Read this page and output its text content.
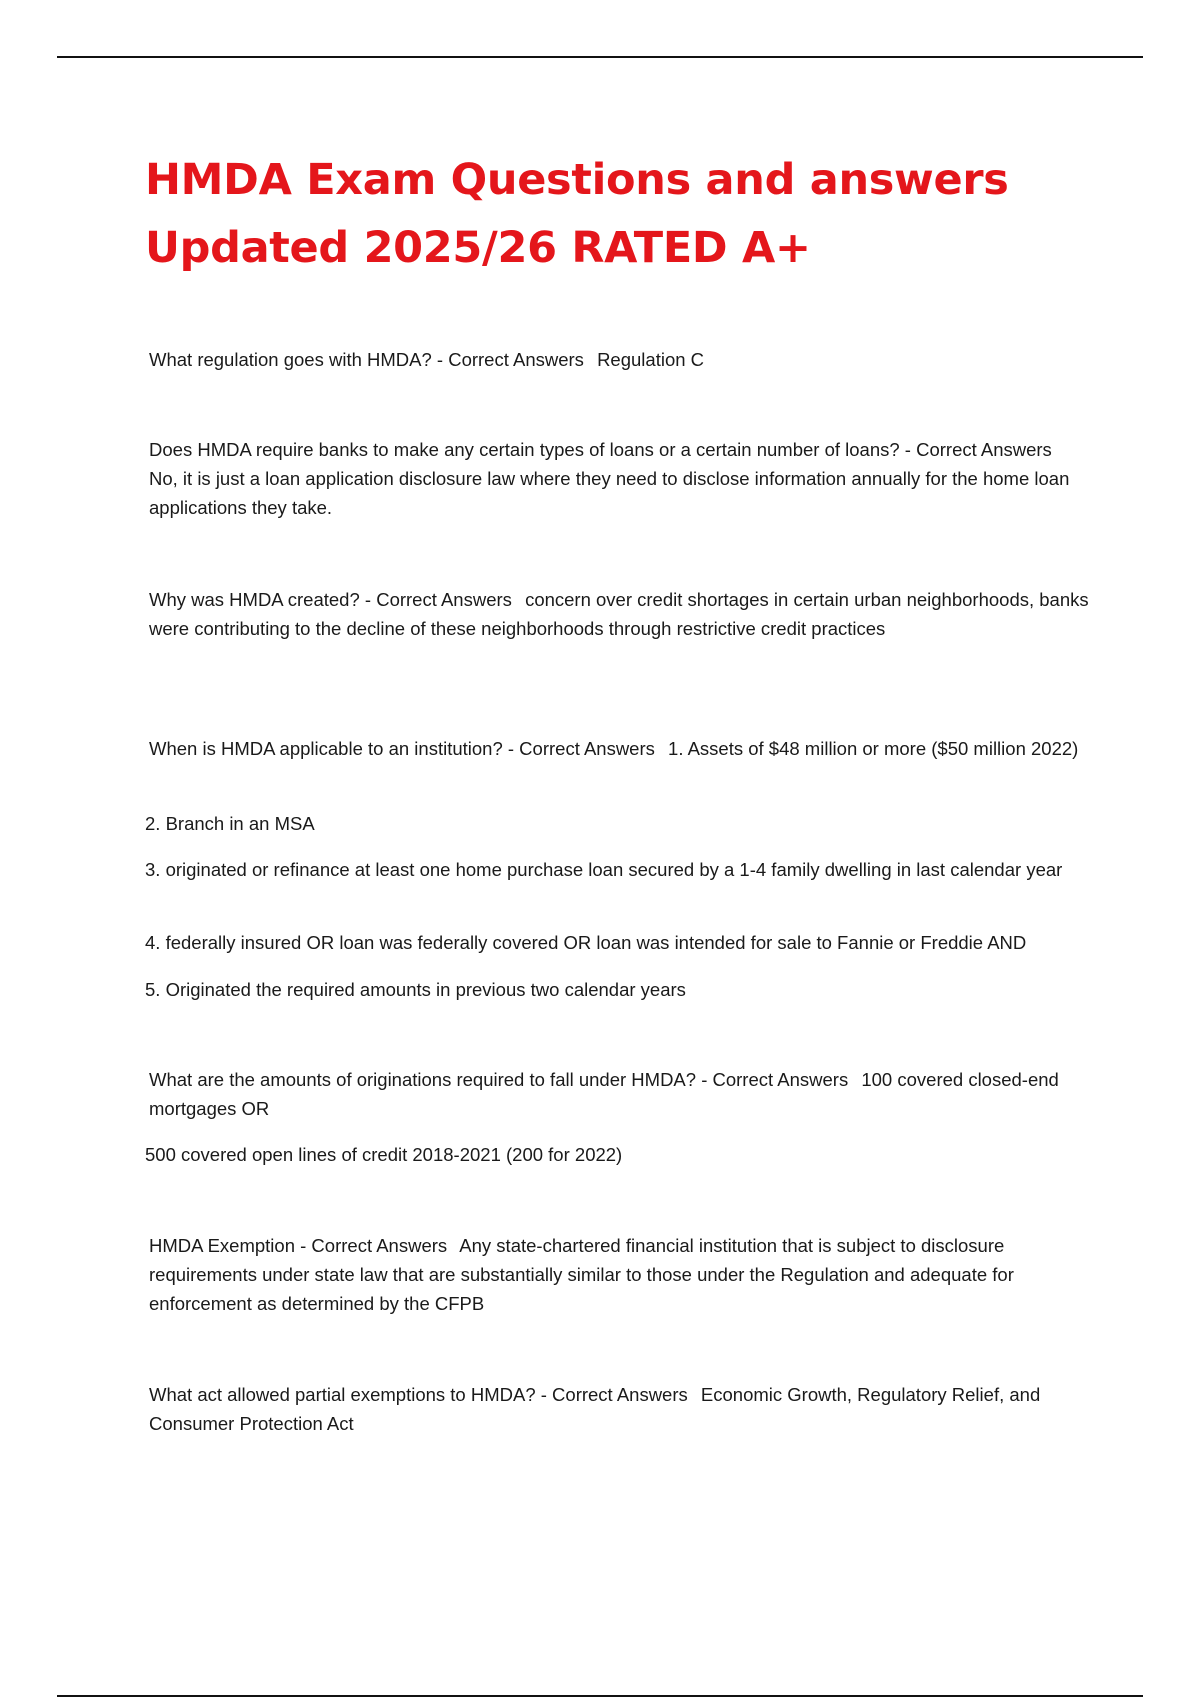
HMDA Exam Questions and answers
Updated 2025/26 RATED A+

What regulation goes with HMDA? - Correct Answers Regulation C

Does HMDA require banks to make any certain types of loans or a certain number of loans? - Correct Answers No, it is just a loan application disclosure law where they need to disclose information annually for the home loan applications they take.

Why was HMDA created? - Correct Answers concern over credit shortages in certain urban neighborhoods, banks were contributing to the decline of these neighborhoods through restrictive credit practices

When is HMDA applicable to an institution? - Correct Answers 1. Assets of $48 million or more ($50 million 2022)

2. Branch in an MSA

3. originated or refinance at least one home purchase loan secured by a 1-4 family dwelling in last calendar year

4. federally insured OR loan was federally covered OR loan was intended for sale to Fannie or Freddie AND

5. Originated the required amounts in previous two calendar years

What are the amounts of originations required to fall under HMDA? - Correct Answers 100 covered closed-end mortgages OR

500 covered open lines of credit 2018-2021 (200 for 2022)

HMDA Exemption - Correct Answers Any state-chartered financial institution that is subject to disclosure requirements under state law that are substantially similar to those under the Regulation and adequate for enforcement as determined by the CFPB

What act allowed partial exemptions to HMDA? - Correct Answers Economic Growth, Regulatory Relief, and Consumer Protection Act
